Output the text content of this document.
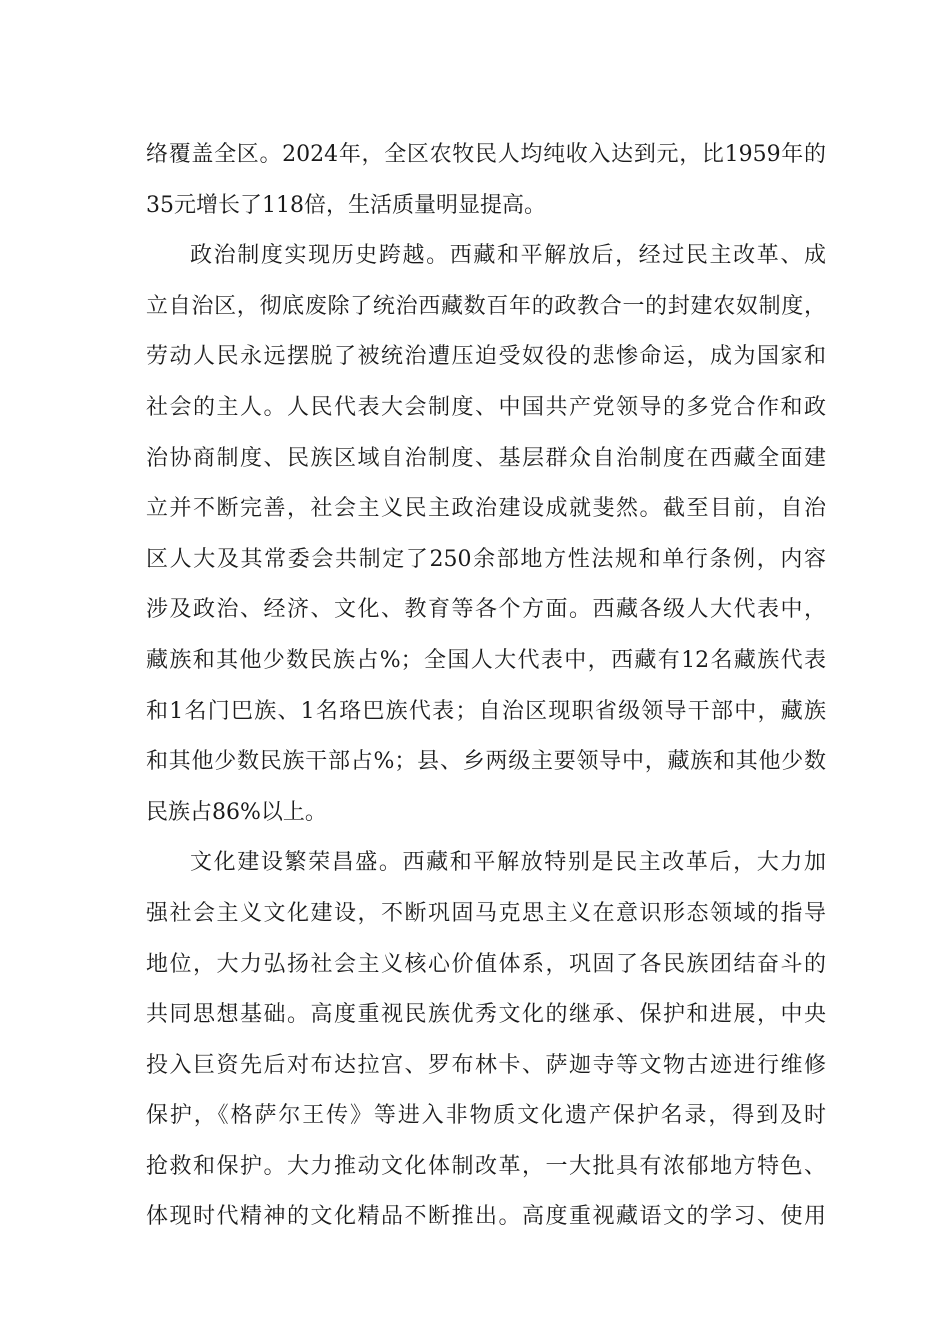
络覆盖全区。2024年，全区农牧民人均纯收入达到元，比1959年的
35元增长了118倍，生活质量明显提高。
政治制度实现历史跨越。西藏和平解放后，经过民主改革、成
立自治区，彻底废除了统治西藏数百年的政教合一的封建农奴制度，
劳动人民永远摆脱了被统治遭压迫受奴役的悲惨命运，成为国家和
社会的主人。人民代表大会制度、中国共产党领导的多党合作和政
治协商制度、民族区域自治制度、基层群众自治制度在西藏全面建
立并不断完善，社会主义民主政治建设成就斐然。截至目前，自治
区人大及其常委会共制定了250余部地方性法规和单行条例，内容
涉及政治、经济、文化、教育等各个方面。西藏各级人大代表中，
藏族和其他少数民族占%；全国人大代表中，西藏有12名藏族代表
和1名门巴族、1名珞巴族代表；自治区现职省级领导干部中，藏族
和其他少数民族干部占%；县、乡两级主要领导中，藏族和其他少数
民族占86%以上。
文化建设繁荣昌盛。西藏和平解放特别是民主改革后，大力加
强社会主义文化建设，不断巩固马克思主义在意识形态领域的指导
地位，大力弘扬社会主义核心价值体系，巩固了各民族团结奋斗的
共同思想基础。高度重视民族优秀文化的继承、保护和进展，中央
投入巨资先后对布达拉宫、罗布林卡、萨迦寺等文物古迹进行维修
保护，《格萨尔王传》等进入非物质文化遗产保护名录，得到及时
抢救和保护。大力推动文化体制改革，一大批具有浓郁地方特色、
体现时代精神的文化精品不断推出。高度重视藏语文的学习、使用
